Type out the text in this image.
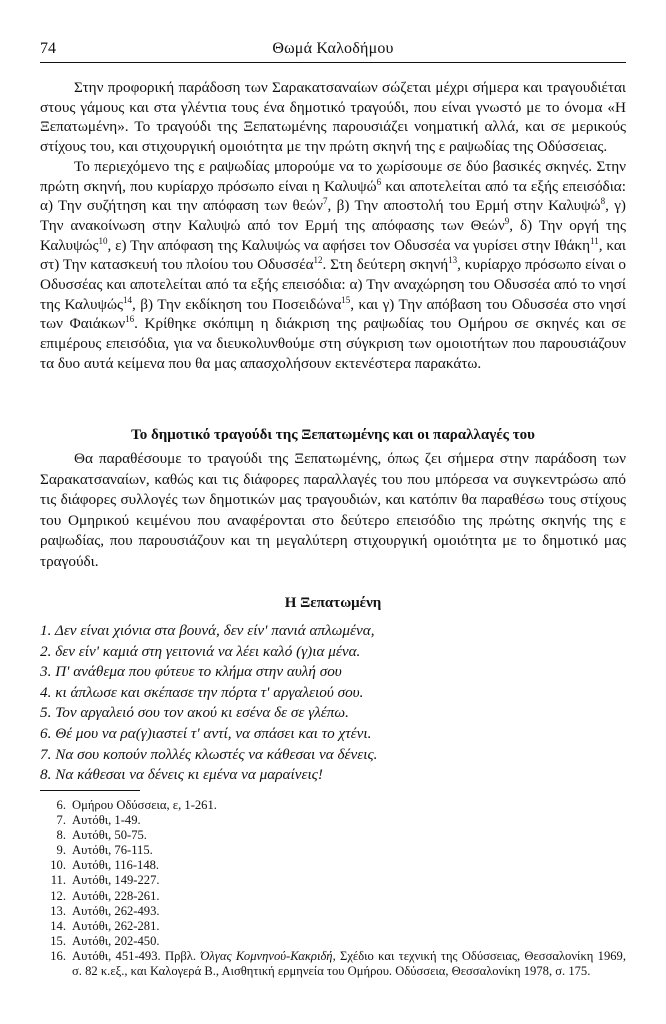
74	Θωμά Καλοδήμου

Στην προφορική παράδοση των Σαρακατσαναίων σώζεται μέχρι σήμερα και τραγουδιέται στους γάμους και στα γλέντια τους ένα δημοτικό τραγούδι, που είναι γνωστό με το όνομα «Η Ξεπατωμένη». Το τραγούδι της Ξεπατωμένης παρουσιάζει νοηματική αλλά, και σε μερικούς στίχους του, και στιχουργική ομοιότητα με την πρώτη σκηνή της ε ραψωδίας της Οδύσσειας.

Το περιεχόμενο της ε ραψωδίας μπορούμε να το χωρίσουμε σε δύο βασικές σκηνές. Στην πρώτη σκηνή, που κυρίαρχο πρόσωπο είναι η Καλυψώ$^6$ και αποτελείται από τα εξής επεισόδια: α) Την συζήτηση και την απόφαση των θεών$^7$, β) Την αποστολή του Ερμή στην Καλυψώ$^8$, γ) Την ανακοίνωση στην Καλυψώ από τον Ερμή της απόφασης των Θεών$^9$, δ) Την οργή της Καλυψώς$^{10}$, ε) Την απόφαση της Καλυψώς να αφήσει τον Οδυσσέα να γυρίσει στην Ιθάκη$^{11}$, και στ) Την κατασκευή του πλοίου του Οδυσσέα$^{12}$. Στη δεύτερη σκηνή$^{13}$, κυρίαρχο πρόσωπο είναι ο Οδυσσέας και αποτελείται από τα εξής επεισόδια: α) Την αναχώρηση του Οδυσσέα από το νησί της Καλυψώς$^{14}$, β) Την εκδίκηση του Ποσειδώνα$^{15}$, και γ) Την απόβαση του Οδυσσέα στο νησί των Φαιάκων$^{16}$. Κρίθηκε σκόπιμη η διάκριση της ραψωδίας του Ομήρου σε σκηνές και σε επιμέρους επεισόδια, για να διευκολυνθούμε στη σύγκριση των ομοιοτήτων που παρουσιάζουν τα δυο αυτά κείμενα που θα μας απασχολήσουν εκτενέστερα παρακάτω.

Το δημοτικό τραγούδι της Ξεπατωμένης και οι παραλλαγές του

Θα παραθέσουμε το τραγούδι της Ξεπατωμένης, όπως ζει σήμερα στην παράδοση των Σαρακατσαναίων, καθώς και τις διάφορες παραλλαγές του που μπόρεσα να συγκεντρώσω από τις διάφορες συλλογές των δημοτικών μας τραγουδιών, και κατόπιν θα παραθέσω τους στίχους του Ομηρικού κειμένου που αναφέρονται στο δεύτερο επεισόδιο της πρώτης σκηνής της ε ραψωδίας, που παρουσιάζουν και τη μεγαλύτερη στιχουργική ομοιότητα με το δημοτικό μας τραγούδι.

Η Ξεπατωμένη
1. Δεν είναι χιόνια στα βουνά, δεν είν' πανιά απλωμένα,
2. δεν είν' καμιά στη γειτονιά να λέει καλό (γ)ια μένα.
3. Π' ανάθεμα που φύτευε το κλήμα στην αυλή σου
4. κι άπλωσε και σκέπασε την πόρτα τ' αργαλειού σου.
5. Τον αργαλειό σου τον ακού κι εσένα δε σε γλέπω.
6. Θέ μου να ρα(γ)ιαστεί τ' αντί, να σπάσει και το χτένι.
7. Να σου κοπούν πολλές κλωστές να κάθεσαι να δένεις.
8. Να κάθεσαι να δένεις κι εμένα να μαραίνεις!
6. Ομήρου Οδύσσεια, ε, 1-261.
7. Αυτόθι, 1-49.
8. Αυτόθι, 50-75.
9. Αυτόθι, 76-115.
10. Αυτόθι, 116-148.
11. Αυτόθι, 149-227.
12. Αυτόθι, 228-261.
13. Αυτόθι, 262-493.
14. Αυτόθι, 262-281.
15. Αυτόθι, 202-450.
16. Αυτόθι, 451-493. Πρβλ. Όλγας Κομνηνού-Κακριδή, Σχέδιο και τεχνική της Οδύσσειας, Θεσσαλονίκη 1969, σ. 82 κ.εξ., και Καλογερά Β., Αισθητική ερμηνεία του Ομήρου. Οδύσσεια, Θεσσαλονίκη 1978, σ. 175.
